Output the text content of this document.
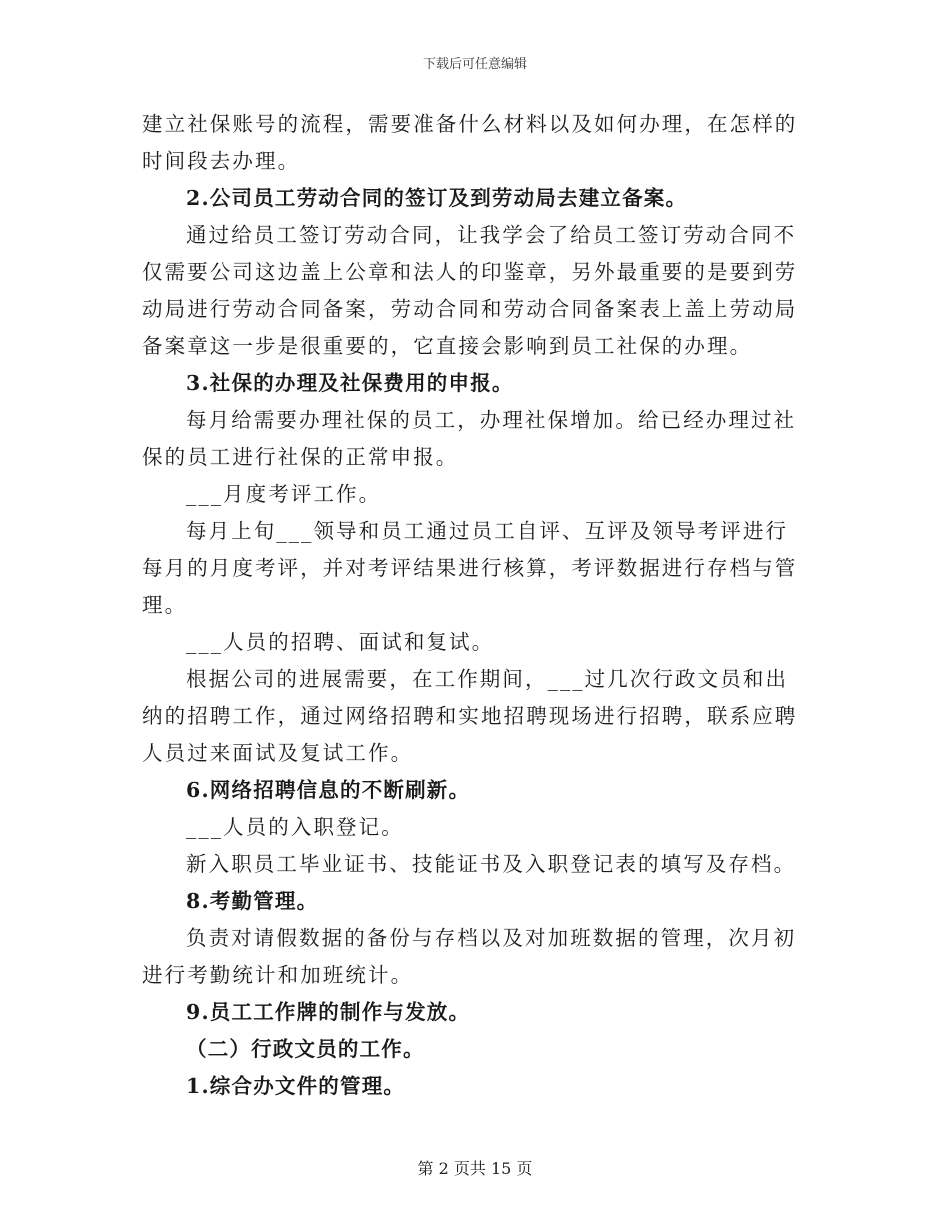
下载后可任意编辑

建立社保账号的流程，需要准备什么材料以及如何办理，在怎样的时间段去办理。

2.公司员工劳动合同的签订及到劳动局去建立备案。

通过给员工签订劳动合同，让我学会了给员工签订劳动合同不仅需要公司这边盖上公章和法人的印鉴章，另外最重要的是要到劳动局进行劳动合同备案，劳动合同和劳动合同备案表上盖上劳动局备案章这一步是很重要的，它直接会影响到员工社保的办理。

3.社保的办理及社保费用的申报。

每月给需要办理社保的员工，办理社保增加。给已经办理过社保的员工进行社保的正常申报。

___月度考评工作。

每月上旬___领导和员工通过员工自评、互评及领导考评进行每月的月度考评，并对考评结果进行核算，考评数据进行存档与管理。

___人员的招聘、面试和复试。

根据公司的进展需要，在工作期间，___过几次行政文员和出纳的招聘工作，通过网络招聘和实地招聘现场进行招聘，联系应聘人员过来面试及复试工作。

6.网络招聘信息的不断刷新。

___人员的入职登记。

新入职员工毕业证书、技能证书及入职登记表的填写及存档。

8.考勤管理。

负责对请假数据的备份与存档以及对加班数据的管理，次月初进行考勤统计和加班统计。

9.员工工作牌的制作与发放。

（二）行政文员的工作。

1.综合办文件的管理。

第 2 页共 15 页
